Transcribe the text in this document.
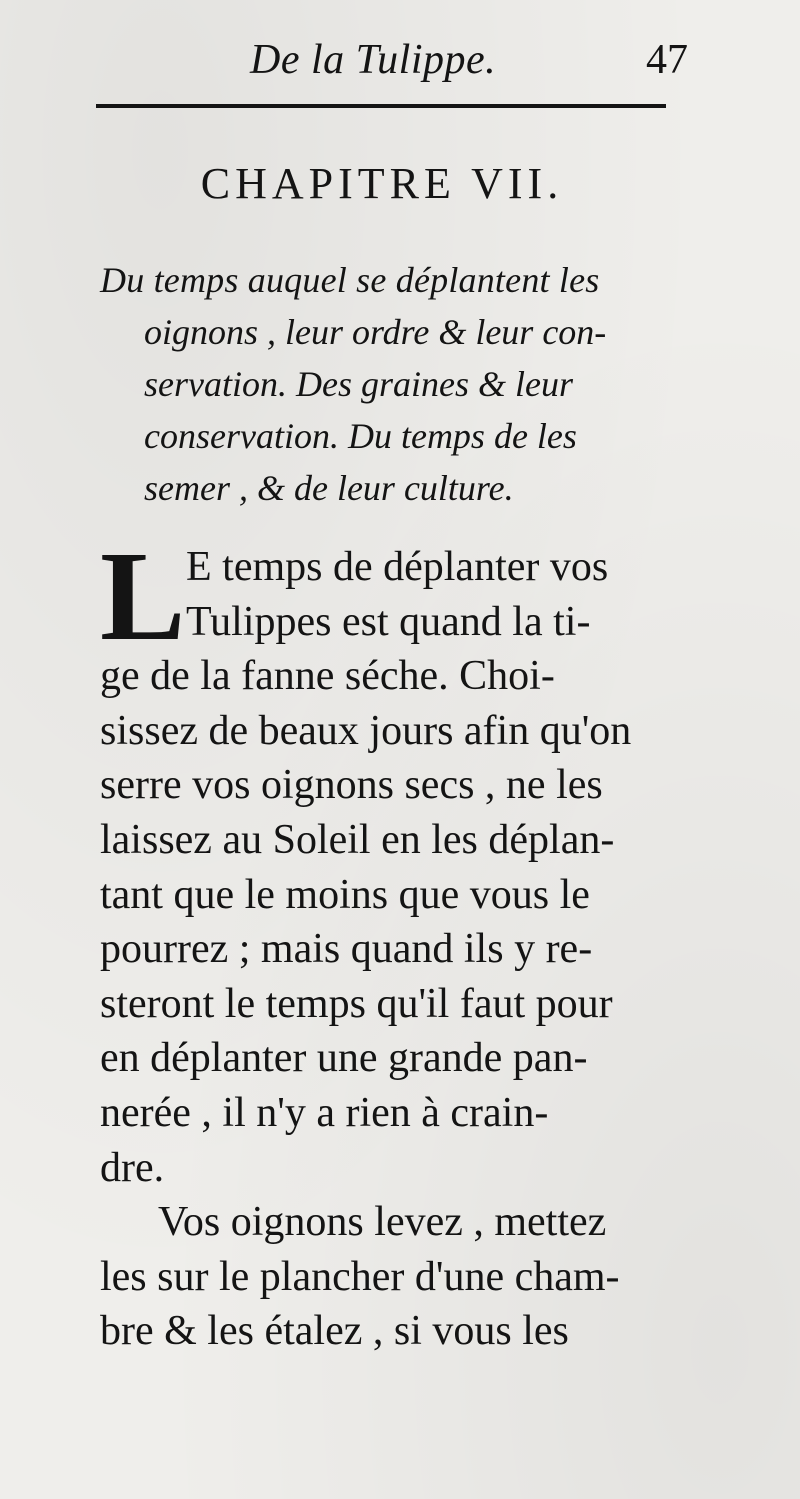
De la Tulippe.	47
CHAPITRE VII.
Du temps auquel se déplantent les
oignons , leur ordre & leur con-
servation. Des graines & leur
conservation. Du temps de les
semer , & de leur culture.
L E temps de déplanter vos
Tulippes est quand la ti-
ge de la fanne séche. Choi-
sissez de beaux jours afin qu'on
serre vos oignons secs , ne les
laissez au Soleil en les déplan-
tant que le moins que vous le
pourrez ; mais quand ils y re-
steront le temps qu'il faut pour
en déplanter une grande pan-
nerée , il n'y a rien à crain-
dre.
Vos oignons levez , mettez
les sur le plancher d'une cham-
bre & les étalez , si vous les
